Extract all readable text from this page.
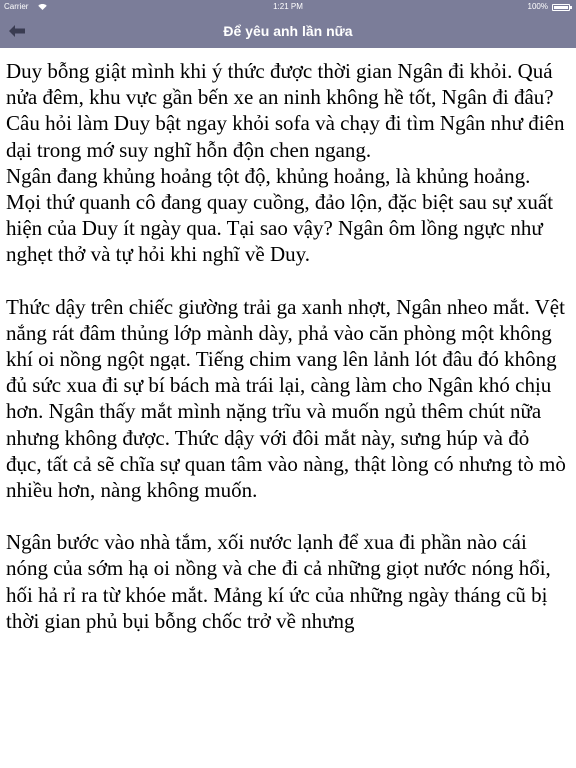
Carrier	1:21 PM	100%
Để yêu anh lần nữa

Duy bỗng giật mình khi ý thức được thời gian Ngân đi khỏi. Quá nửa đêm, khu vực gần bến xe an ninh không hề tốt, Ngân đi đâu? Câu hỏi làm Duy bật ngay khỏi sofa và chạy đi tìm Ngân như điên dại trong mớ suy nghĩ hỗn độn chen ngang.

Ngân đang khủng hoảng tột độ, khủng hoảng, là khủng hoảng. Mọi thứ quanh cô đang quay cuồng, đảo lộn, đặc biệt sau sự xuất hiện của Duy ít ngày qua. Tại sao vậy? Ngân ôm lồng ngực như nghẹt thở và tự hỏi khi nghĩ về Duy.

Thức dậy trên chiếc giường trải ga xanh nhợt, Ngân nheo mắt. Vệt nắng rát đâm thủng lớp mành dày, phả vào căn phòng một không khí oi nồng ngột ngạt. Tiếng chim vang lên lảnh lót đâu đó không đủ sức xua đi sự bí bách mà trái lại, càng làm cho Ngân khó chịu hơn. Ngân thấy mắt mình nặng trĩu và muốn ngủ thêm chút nữa nhưng không được. Thức dậy với đôi mắt này, sưng húp và đỏ đục, tất cả sẽ chĩa sự quan tâm vào nàng, thật lòng có nhưng tò mò nhiều hơn, nàng không muốn.

Ngân bước vào nhà tắm, xối nước lạnh để xua đi phần nào cái nóng của sớm hạ oi nồng và che đi cả những giọt nước nóng hổi, hối hả rỉ ra từ khóe mắt. Mảng kí ức của những ngày tháng cũ bị thời gian phủ bụi bỗng chốc trở về nhưng
